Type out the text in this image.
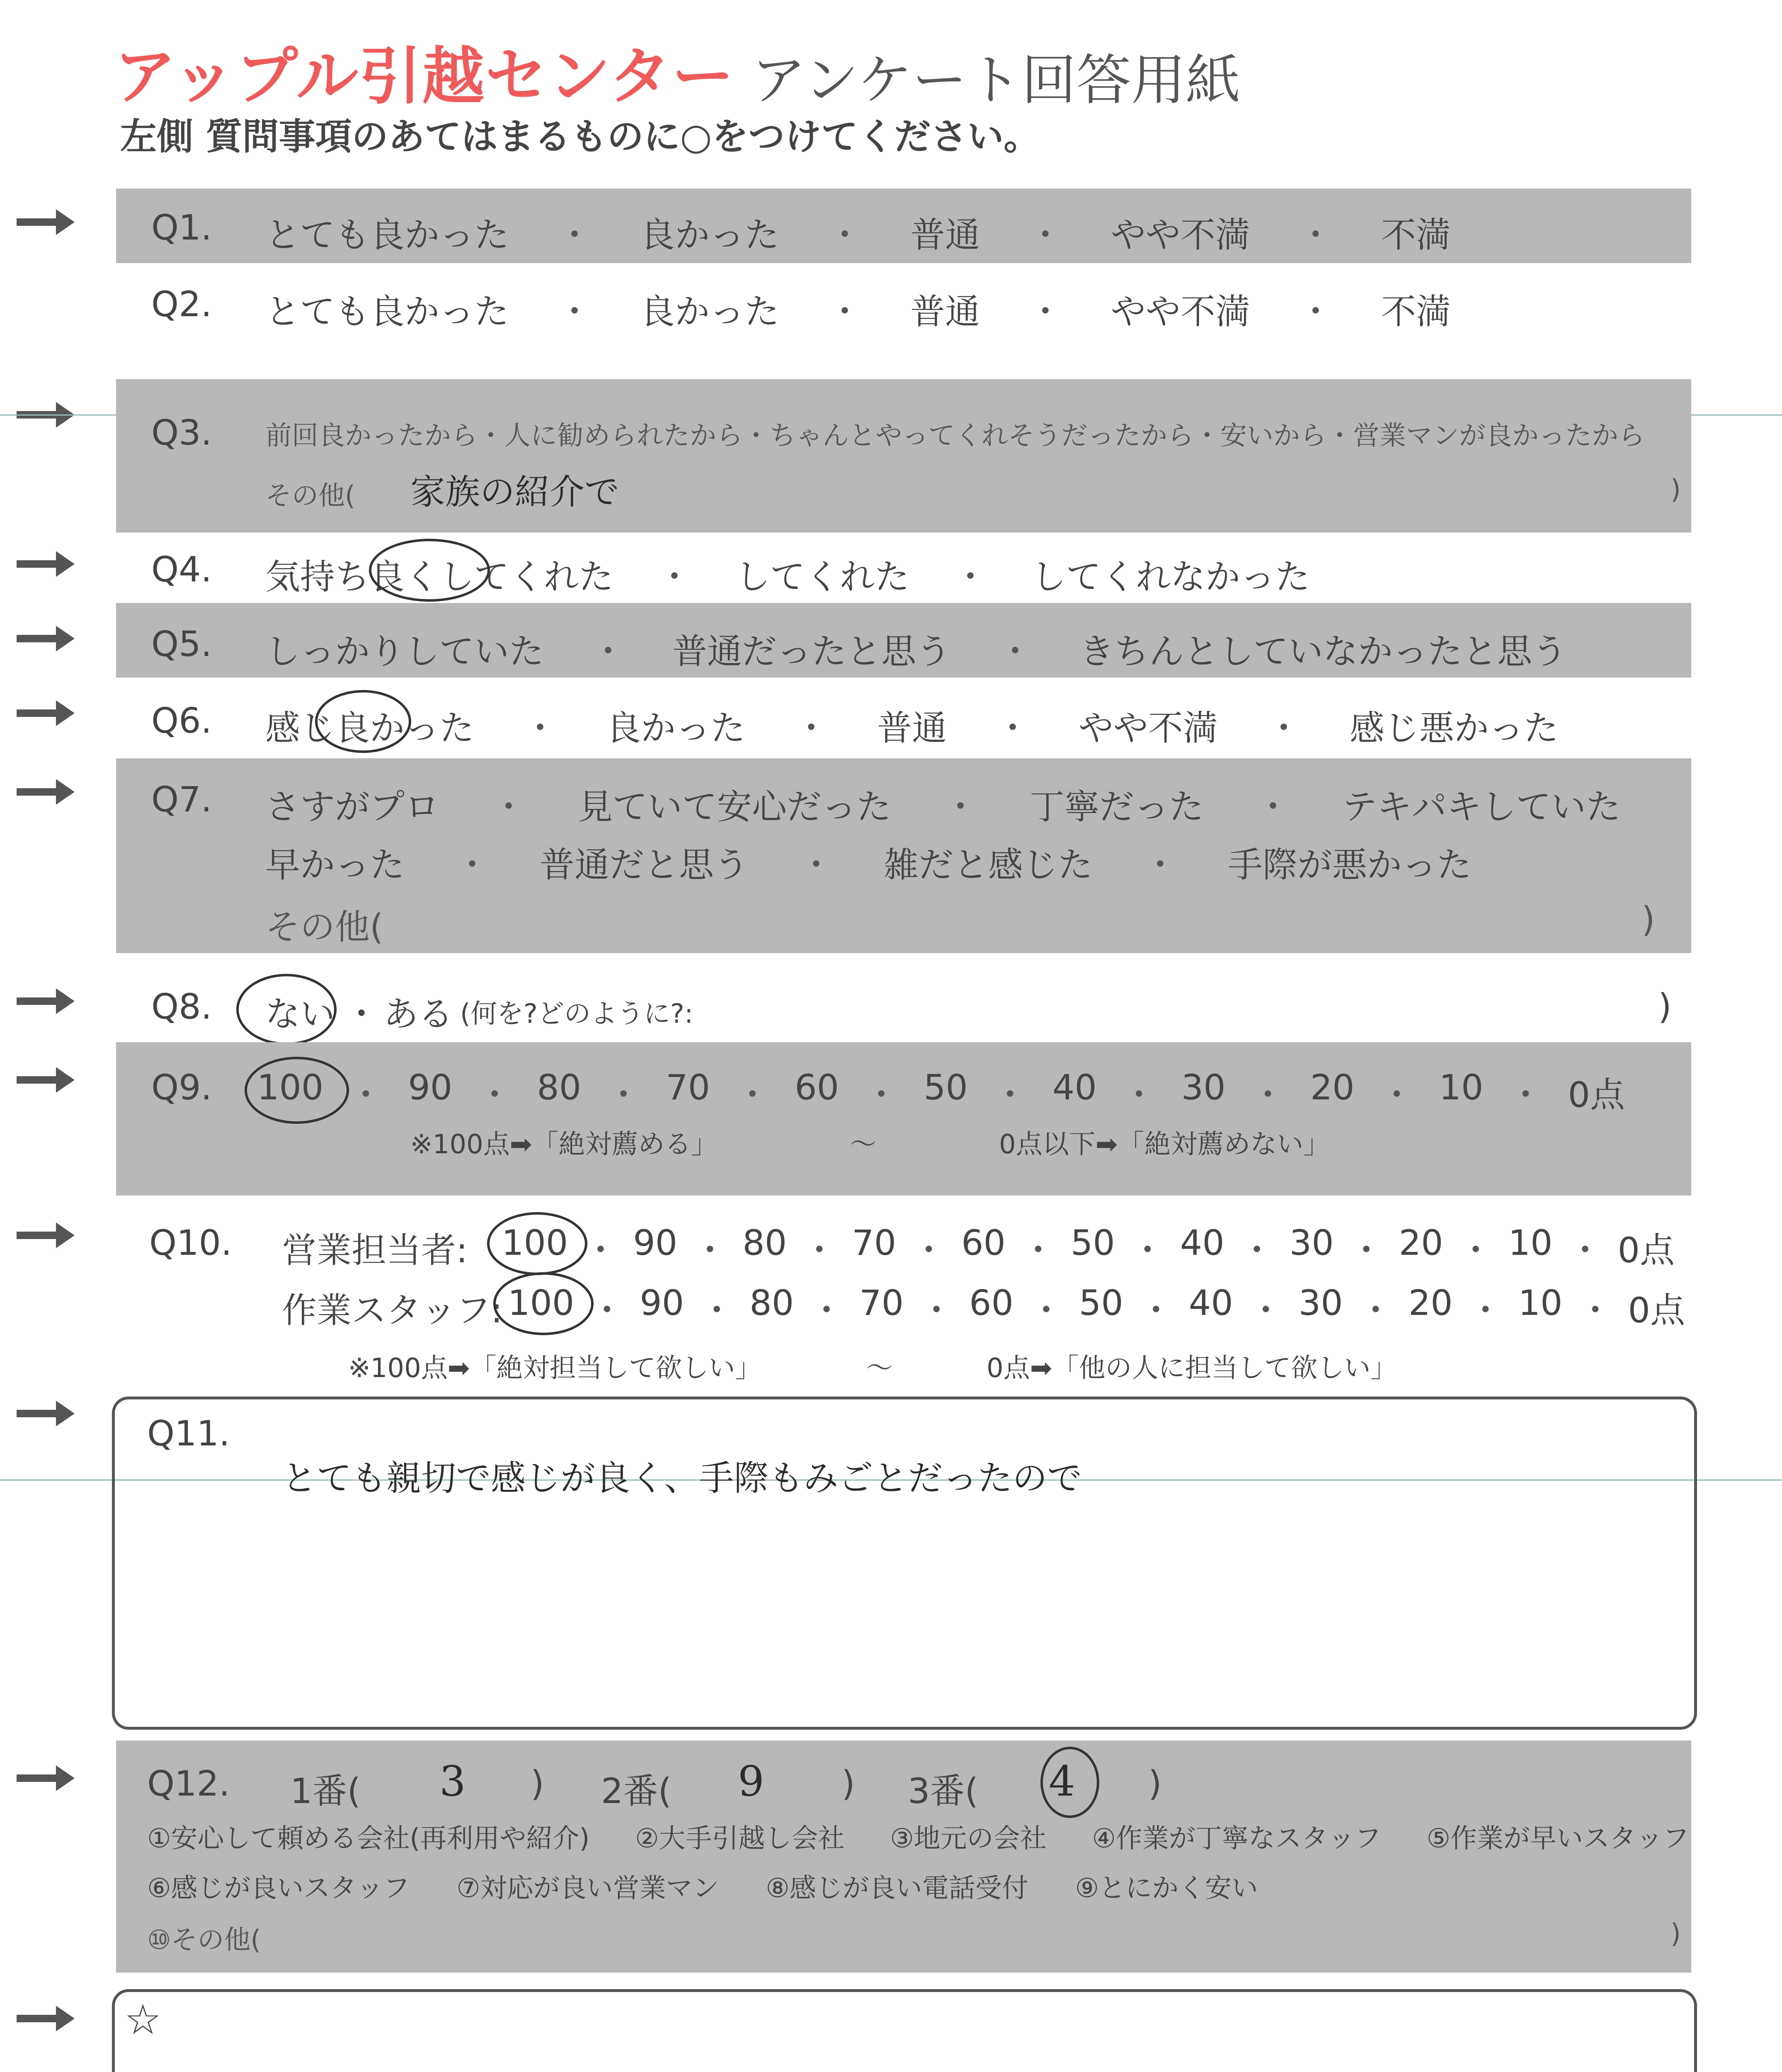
アップル引越センター アンケート回答用紙
左側 質問事項のあてはまるものに○をつけてください。
Q1. とても良かった ・ 良かった ・ 普通 ・ やや不満 ・ 不満
Q2. とても良かった ・ 良かった ・ 普通 ・ やや不満 ・ 不満
Q3. 前回良かったから・人に勧められたから・ちゃんとやってくれそうだったから・安いから・営業マンが良かったから
その他( 家族の紹介で	)
Q4. 気持ち良くしてくれた ・ してくれた ・ してくれなかった
Q5. しっかりしていた ・ 普通だったと思う ・ きちんとしていなかったと思う
Q6. 感じ良かった ・ 良かった ・ 普通 ・ やや不満 ・ 感じ悪かった
Q7. さすがプロ ・ 見ていて安心だった ・ 丁寧だった ・ テキパキしていた
早かった ・ 普通だと思う ・ 雑だと感じた ・ 手際が悪かった
その他(	)
Q8. ない ・ ある (何を?どのように?:	)
Q9. 100 ・ 90 ・ 80 ・ 70 ・ 60 ・ 50 ・ 40 ・ 30 ・ 20 ・ 10 ・ 0点
※100点➡「絶対薦める」	〜	0点以下➡「絶対薦めない」
Q10. 営業担当者: 100 ・ 90 ・ 80 ・ 70 ・ 60 ・ 50 ・ 40 ・ 30 ・ 20 ・ 10 ・ 0点
作業スタッフ: 100 ・ 90 ・ 80 ・ 70 ・ 60 ・ 50 ・ 40 ・ 30 ・ 20 ・ 10 ・ 0点
※100点➡「絶対担当して欲しい」	〜	0点➡「他の人に担当して欲しい」
Q11.
とても親切で感じが良く、手際もみごとだったので
Q12. 1番( 3 ) 2番( 9 ) 3番( 4 )
①安心して頼める会社(再利用や紹介) ②大手引越し会社 ③地元の会社 ④作業が丁寧なスタッフ ⑤作業が早いスタッフ
⑥感じが良いスタッフ ⑦対応が良い営業マン ⑧感じが良い電話受付 ⑨とにかく安い
⑩その他(	)
☆
